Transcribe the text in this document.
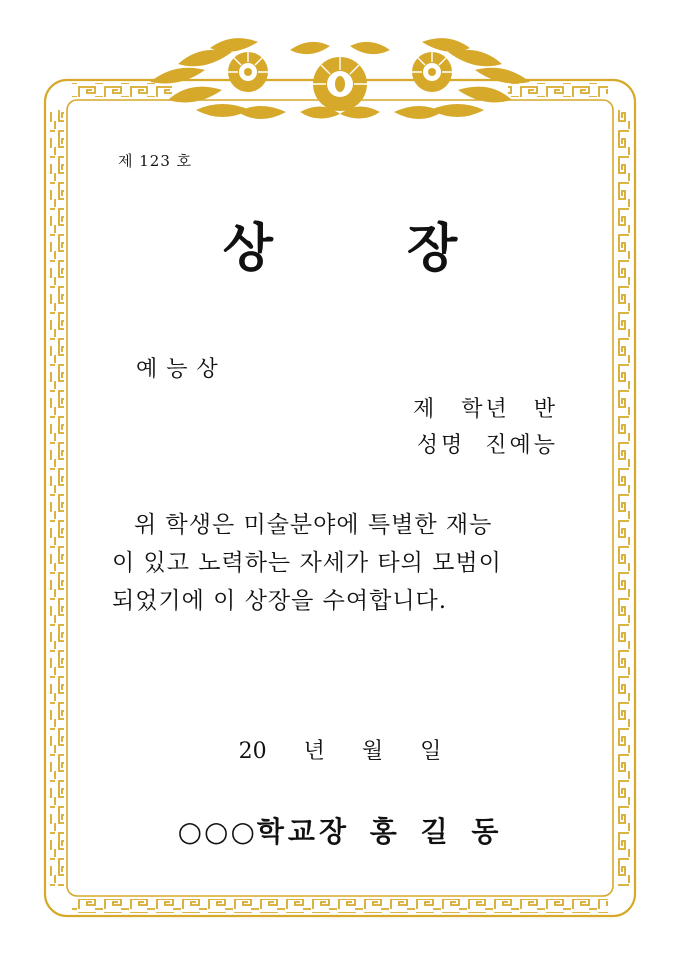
제 123 호

상 장

예능상

제 학년 반

성명 진예능

위 학생은 미술분야에 특별한 재능
이 있고 노력하는 자세가 타의 모범이
되었기에 이 상장을 수여합니다.

20 년 월 일

○○○학교장 홍 길 동
